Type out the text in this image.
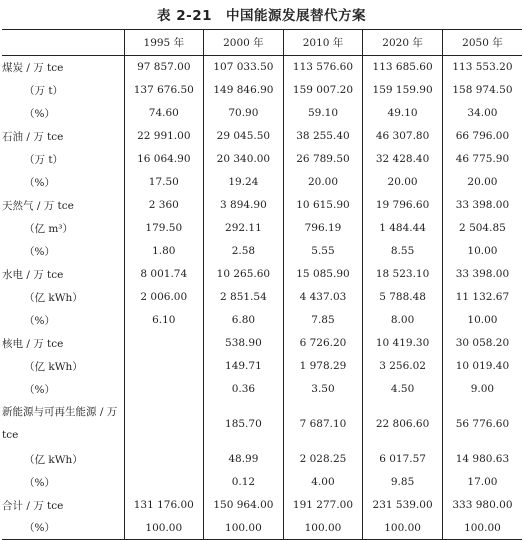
表 2-21 中国能源发展替代方案
	1995 年	2000 年	2010 年	2020 年	2050 年
煤炭 / 万 tce	97 857.00	107 033.50	113 576.60	113 685.60	113 553.20
（万 t）	137 676.50	149 846.90	159 007.20	159 159.90	158 974.50
（%）	74.60	70.90	59.10	49.10	34.00
石油 / 万 tce	22 991.00	29 045.50	38 255.40	46 307.80	66 796.00
（万 t）	16 064.90	20 340.00	26 789.50	32 428.40	46 775.90
（%）	17.50	19.24	20.00	20.00	20.00
天然气 / 万 tce	2 360	3 894.90	10 615.90	19 796.60	33 398.00
（亿 m³）	179.50	292.11	796.19	1 484.44	2 504.85
（%）	1.80	2.58	5.55	8.55	10.00
水电 / 万 tce	8 001.74	10 265.60	15 085.90	18 523.10	33 398.00
（亿 kWh）	2 006.00	2 851.54	4 437.03	5 788.48	11 132.67
（%）	6.10	6.80	7.85	8.00	10.00
核电 / 万 tce		538.90	6 726.20	10 419.30	30 058.20
（亿 kWh）		149.71	1 978.29	3 256.02	10 019.40
（%）		0.36	3.50	4.50	9.00
新能源与可再生能源 / 万 tce		185.70	7 687.10	22 806.60	56 776.60
（亿 kWh）		48.99	2 028.25	6 017.57	14 980.63
（%）		0.12	4.00	9.85	17.00
合计 / 万 tce	131 176.00	150 964.00	191 277.00	231 539.00	333 980.00
（%）	100.00	100.00	100.00	100.00	100.00
